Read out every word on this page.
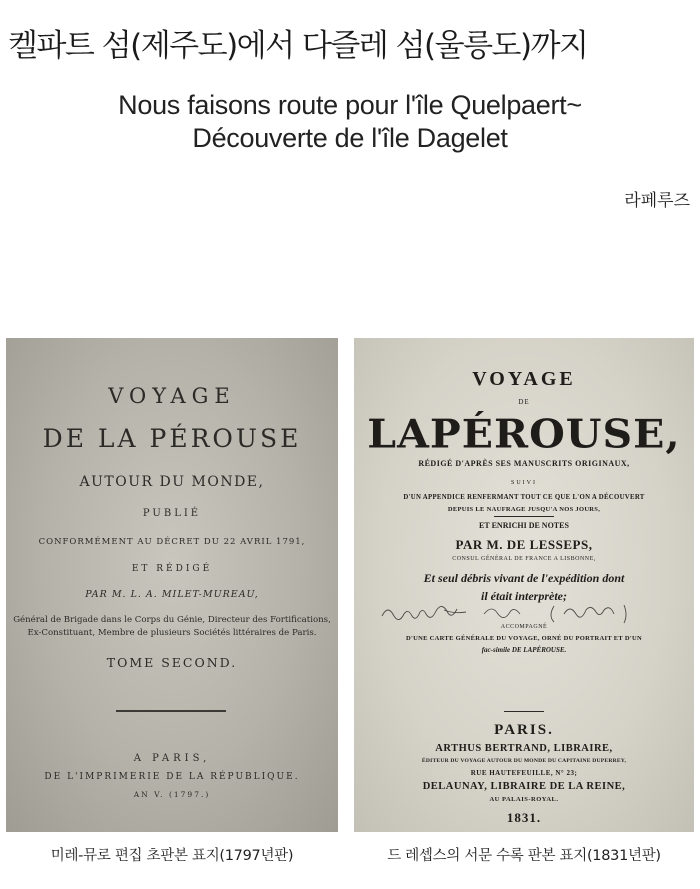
켈파트 섬(제주도)에서 다즐레 섬(울릉도)까지
Nous faisons route pour l'île Quelpaert~
Découverte de l'île Dagelet
라페루즈
VOYAGE
DE LA PÉROUSE
AUTOUR DU MONDE,
PUBLIÉ
CONFORMÉMENT AU DÉCRET DU 22 AVRIL 1791,
ET RÉDIGÉ
PAR M. L. A. MILET-MUREAU,
Général de Brigade dans le Corps du Génie, Directeur des Fortifications,
Ex-Constituant, Membre de plusieurs Sociétés littéraires de Paris.
TOME SECOND.
A PARIS,
DE L'IMPRIMERIE DE LA RÉPUBLIQUE.
AN V. (1797.)
VOYAGE
DE
LAPÉROUSE,
RÉDIGÉ D'APRÈS SES MANUSCRITS ORIGINAUX,
SUIVI
D'UN APPENDICE RENFERMANT TOUT CE QUE L'ON A DÉCOUVERT
DEPUIS LE NAUFRAGE JUSQU'A NOS JOURS,
ET ENRICHI DE NOTES
PAR M. DE LESSEPS,
CONSUL GÉNÉRAL DE FRANCE A LISBONNE,
Et seul débris vivant de l'expédition dont
il était interprète;
ACCOMPAGNÉ
D'UNE CARTE GÉNÉRALE DU VOYAGE, ORNÉ DU PORTRAIT ET D'UN
fac-simile DE LAPÉROUSE.
PARIS.
ARTHUS BERTRAND, LIBRAIRE,
ÉDITEUR DU VOYAGE AUTOUR DU MONDE DU CAPITAINE DUPERREY,
RUE HAUTEFEUILLE, N° 23;
DELAUNAY, LIBRAIRE DE LA REINE,
AU PALAIS-ROYAL.
1831.
미레-뮤로 편집 초판본 표지(1797년판)	드 레셉스의 서문 수록 판본 표지(1831년판)
